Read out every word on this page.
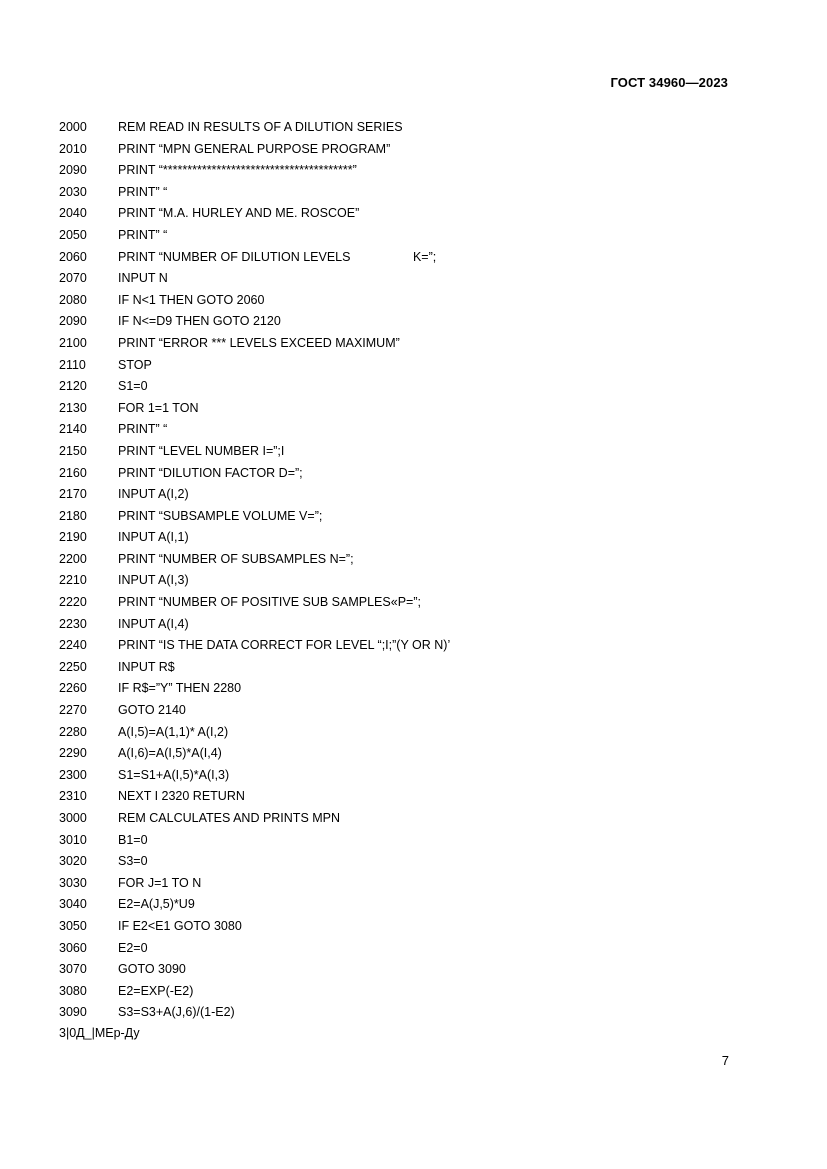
ГОСТ 34960—2023
2000 REM READ IN RESULTS OF A DILUTION SERIES
2010 PRINT “MPN GENERAL PURPOSE PROGRAM”
2090 PRINT “***************************************”
2030 PRINT” “
2040 PRINT “M.A. HURLEY AND ME. ROSCOE”
2050 PRINT” “
2060 PRINT “NUMBER OF DILUTION LEVELS                  K=”;
2070 INPUT N
2080 IF N<1 THEN GOTO 2060
2090 IF N<=D9 THEN GOTO 2120
2100 PRINT “ERROR *** LEVELS EXCEED MAXIMUM”
2110	STOP
2120 S1=0
2130 FOR 1=1 TON
2140 PRINT” “
2150 PRINT “LEVEL NUMBER I=”;I
2160 PRINT “DILUTION FACTOR D=”;
2170 INPUT A(I,2)
2180 PRINT “SUBSAMPLE VOLUME V=”;
2190 INPUT A(I,1)
2200 PRINT “NUMBER OF SUBSAMPLES N=”;
2210 INPUT A(I,3)
2220 PRINT “NUMBER OF POSITIVE SUB SAMPLES«P=”;
2230 INPUT A(I,4)
2240 PRINT “IS THE DATA CORRECT FOR LEVEL “;I;”(Y OR N)’
2250 INPUT R$
2260 IF R$=”Y” THEN 2280
2270 GOTO 2140
2280 A(I,5)=A(1,1)* A(I,2)
2290 A(I,6)=A(I,5)*A(I,4)
2300 S1=S1+A(I,5)*A(I,3)
2310 NEXT I 2320 RETURN
3000 REM CALCULATES AND PRINTS MPN
3010 B1=0
3020 S3=0
3030 FOR J=1 TO N
3040 E2=A(J,5)*U9
3050 IF E2<E1 GOTO 3080
3060 E2=0
3070 GOTO 3090
3080 E2=EXP(-E2)
3090 S3=S3+A(J,6)/(1-E2)
3|0Д_|МЕр-Ду
7
